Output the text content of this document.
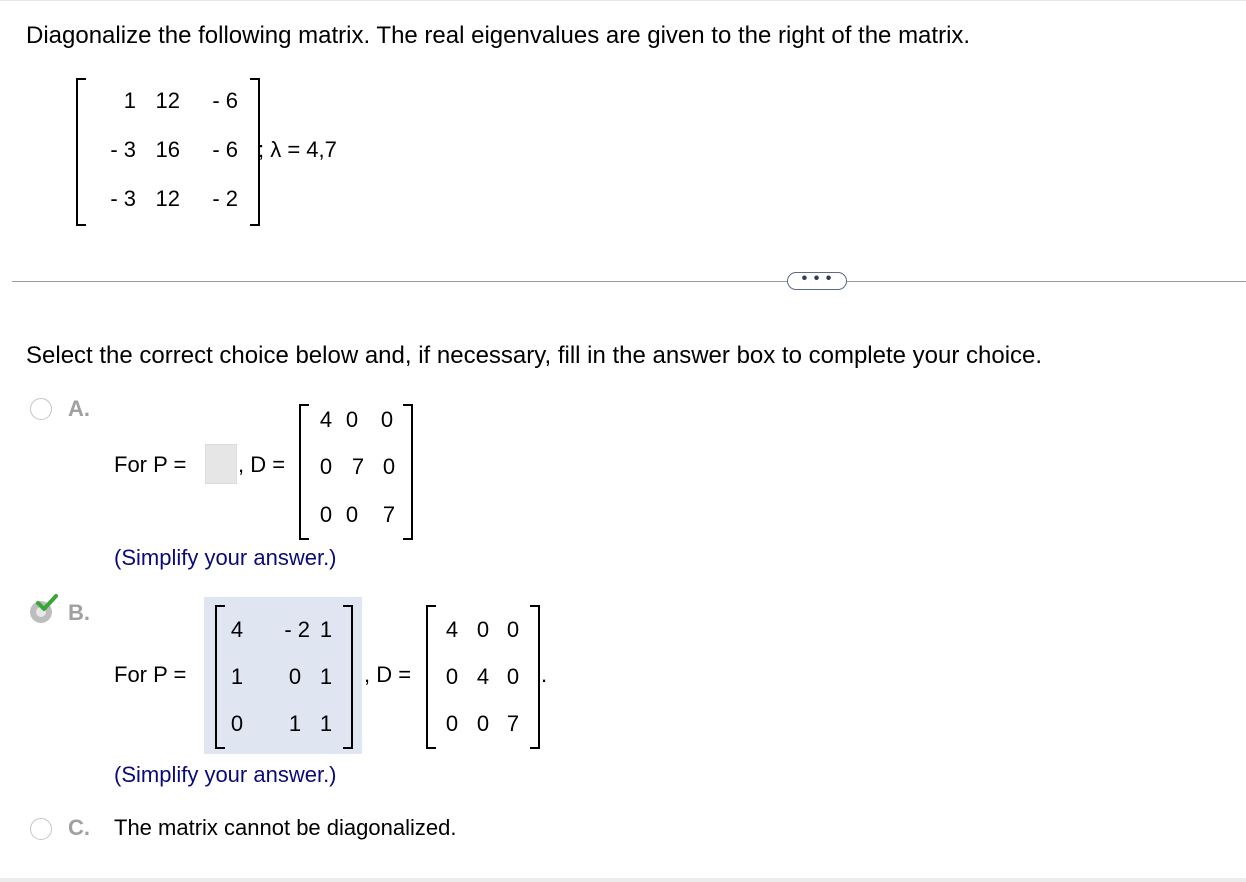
Diagonalize the following matrix. The real eigenvalues are given to the right of the matrix.
1 12	- 6
- 3 16	- 6
- 3 12	- 2
; λ = 4,7
• • •
Select the correct choice below and, if necessary, fill in the answer box to complete your choice.
A.
For P = , D =
4 0 0
0 7 0
0 0 7
(Simplify your answer.)
B.
For P =
4	- 2 1
1 0 1
0 1 1
, D =
4 0 0
0 4 0
0 0 7
.
(Simplify your answer.)
C. The matrix cannot be diagonalized.
